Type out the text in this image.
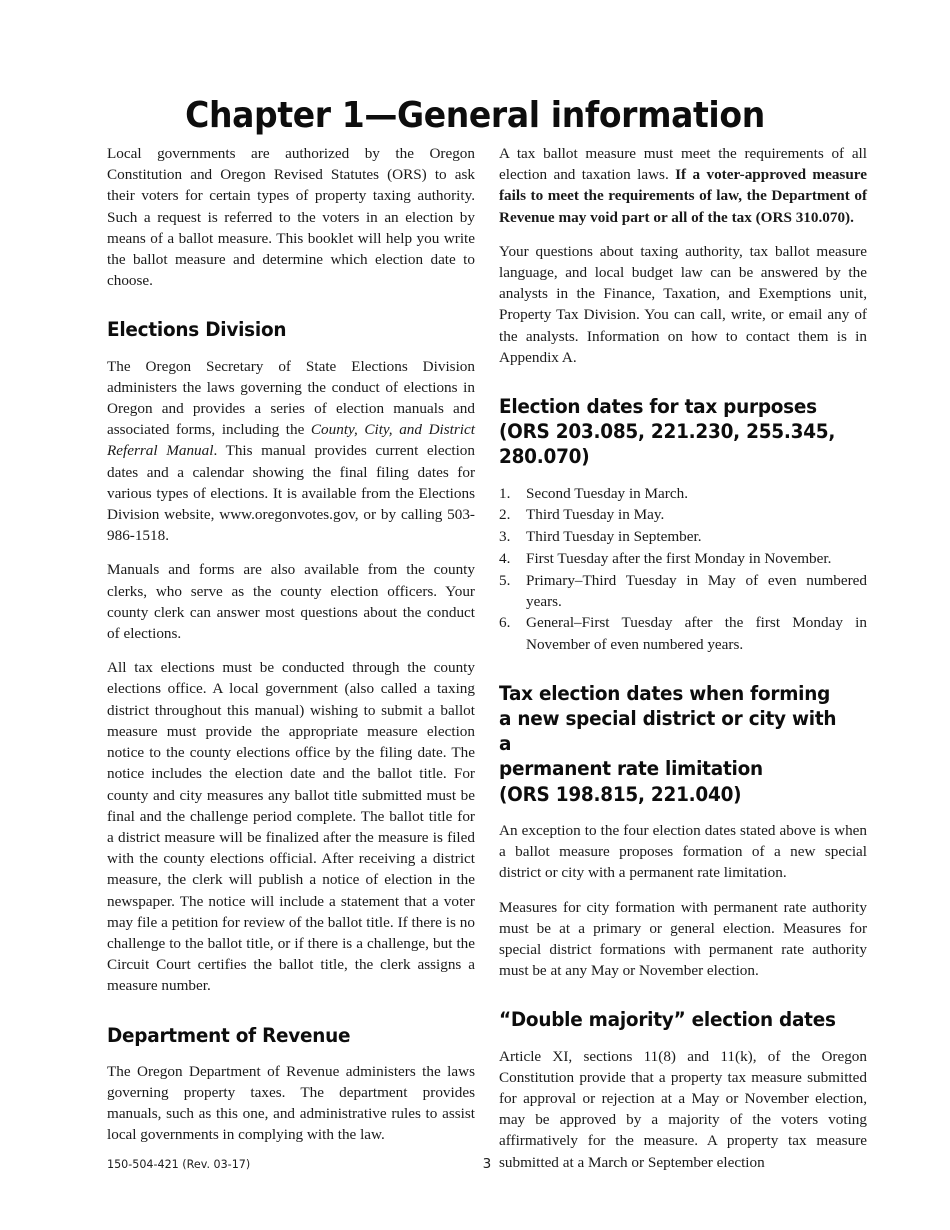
Chapter 1—General information

Local governments are authorized by the Oregon Constitution and Oregon Revised Statutes (ORS) to ask their voters for certain types of property taxing authority. Such a request is referred to the voters in an election by means of a ballot measure. This booklet will help you write the ballot measure and determine which election date to choose.

Elections Division

The Oregon Secretary of State Elections Division administers the laws governing the conduct of elections in Oregon and provides a series of election manuals and associated forms, including the County, City, and District Referral Manual. This manual provides current election dates and a calendar showing the final filing dates for various types of elections. It is available from the Elections Division website, www.oregonvotes.gov, or by calling 503-986-1518.

Manuals and forms are also available from the county clerks, who serve as the county election officers. Your county clerk can answer most questions about the conduct of elections.

All tax elections must be conducted through the county elections office. A local government (also called a taxing district throughout this manual) wishing to submit a ballot measure must provide the appropriate measure election notice to the county elections office by the filing date. The notice includes the election date and the ballot title. For county and city measures any ballot title submitted must be final and the challenge period complete. The ballot title for a district measure will be finalized after the measure is filed with the county elections official. After receiving a district measure, the clerk will publish a notice of election in the newspaper. The notice will include a statement that a voter may file a petition for review of the ballot title. If there is no challenge to the ballot title, or if there is a challenge, but the Circuit Court certifies the ballot title, the clerk assigns a measure number.

Department of Revenue

The Oregon Department of Revenue administers the laws governing property taxes. The department provides manuals, such as this one, and administrative rules to assist local governments in complying with the law.

A tax ballot measure must meet the requirements of all election and taxation laws. If a voter-approved measure fails to meet the requirements of law, the Department of Revenue may void part or all of the tax (ORS 310.070).

Your questions about taxing authority, tax ballot measure language, and local budget law can be answered by the analysts in the Finance, Taxation, and Exemptions unit, Property Tax Division. You can call, write, or email any of the analysts. Information on how to contact them is in Appendix A.

Election dates for tax purposes
(ORS 203.085, 221.230, 255.345,
280.070)
1.	Second Tuesday in March.
2.	Third Tuesday in May.
3.	Third Tuesday in September.
4.	First Tuesday after the first Monday in November.
5.	Primary–Third Tuesday in May of even numbered years.
6.	General–First Tuesday after the first Monday in November of even numbered years.
Tax election dates when forming
a new special district or city with a
permanent rate limitation
(ORS 198.815, 221.040)

An exception to the four election dates stated above is when a ballot measure proposes formation of a new special district or city with a permanent rate limitation.

Measures for city formation with permanent rate authority must be at a primary or general election. Measures for special district formations with permanent rate authority must be at any May or November election.

“Double majority” election dates

Article XI, sections 11(8) and 11(k), of the Oregon Constitution provide that a property tax measure submitted for approval or rejection at a May or November election, may be approved by a majority of the voters voting affirmatively for the measure. A property tax measure submitted at a March or September election

150-504-421 (Rev. 03-17)	3
